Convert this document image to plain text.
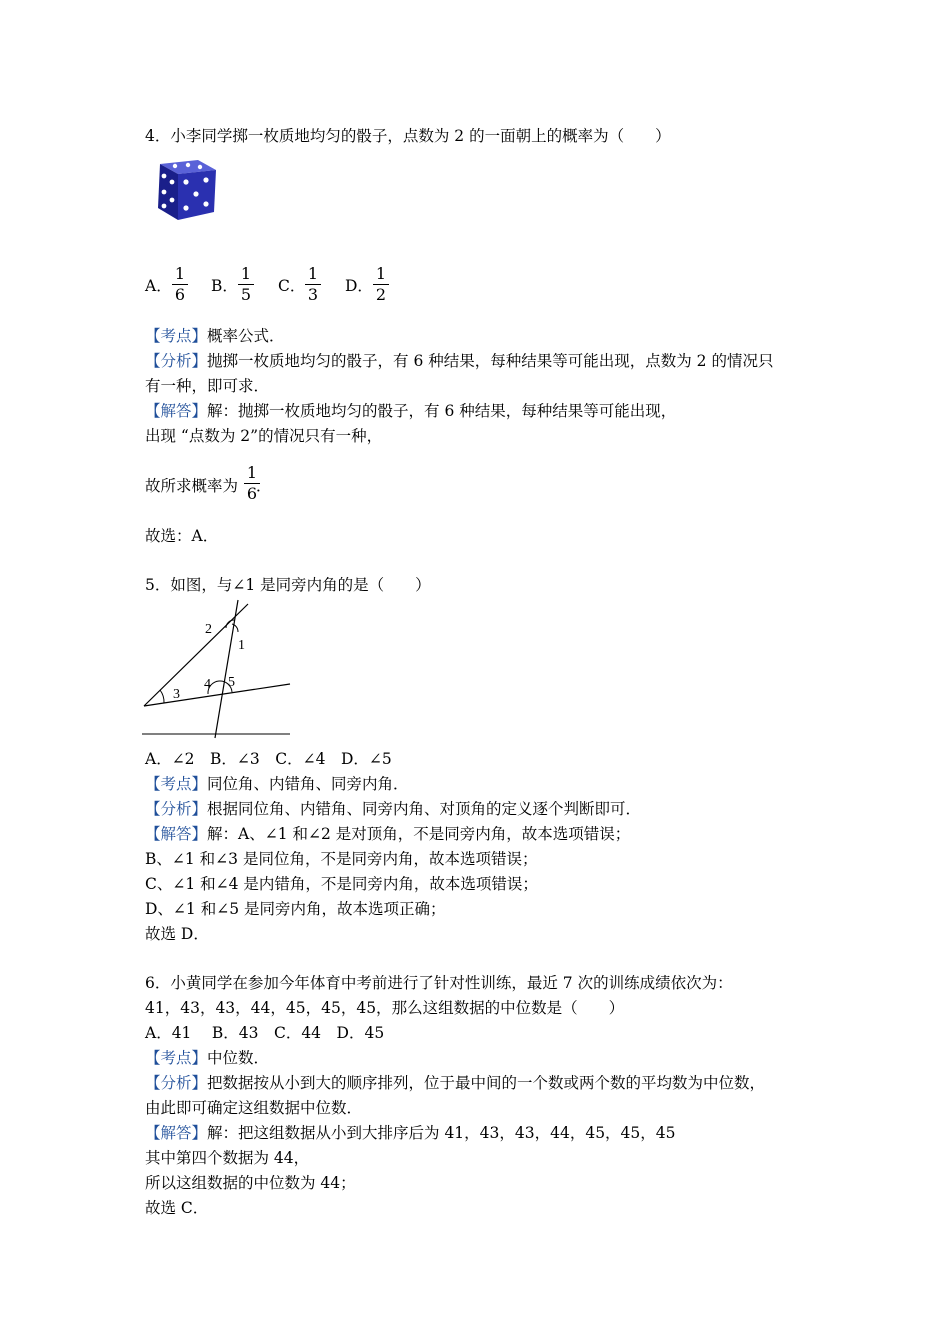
4．小李同学掷一枚质地均匀的骰子，点数为 2 的一面朝上的概率为（　　）
A． $\frac{1}{6}$ B． $\frac{1}{5}$ C． $\frac{1}{3}$ D． $\frac{1}{2}$
【考点】概率公式．
【分析】抛掷一枚质地均匀的骰子，有 6 种结果，每种结果等可能出现，点数为 2 的情况只
有一种，即可求．
【解答】解：抛掷一枚质地均匀的骰子，有 6 种结果，每种结果等可能出现，
出现 “点数为 2”的情况只有一种，
故所求概率为 ．
$\frac{1}{6}$
故选：A．
5．如图，与∠1 是同旁内角的是（　　）
2
1
3
4 5
A．∠2　B．∠3　C．∠4　D．∠5
【考点】同位角、内错角、同旁内角．
【分析】根据同位角、内错角、同旁内角、对顶角的定义逐个判断即可．
【解答】解：A、∠1 和∠2 是对顶角，不是同旁内角，故本选项错误；
B、∠1 和∠3 是同位角，不是同旁内角，故本选项错误；
C、∠1 和∠4 是内错角，不是同旁内角，故本选项错误；
D、∠1 和∠5 是同旁内角，故本选项正确；
故选 D．
6．小黄同学在参加今年体育中考前进行了针对性训练，最近 7 次的训练成绩依次为：
41，43，43，44，45，45，45，那么这组数据的中位数是（　　）
A．41　 B．43　C．44　D．45
【考点】中位数．
【分析】把数据按从小到大的顺序排列，位于最中间的一个数或两个数的平均数为中位数，
由此即可确定这组数据中位数．
【解答】解：把这组数据从小到大排序后为 41，43，43，44，45，45，45
其中第四个数据为 44，
所以这组数据的中位数为 44；
故选 C．
